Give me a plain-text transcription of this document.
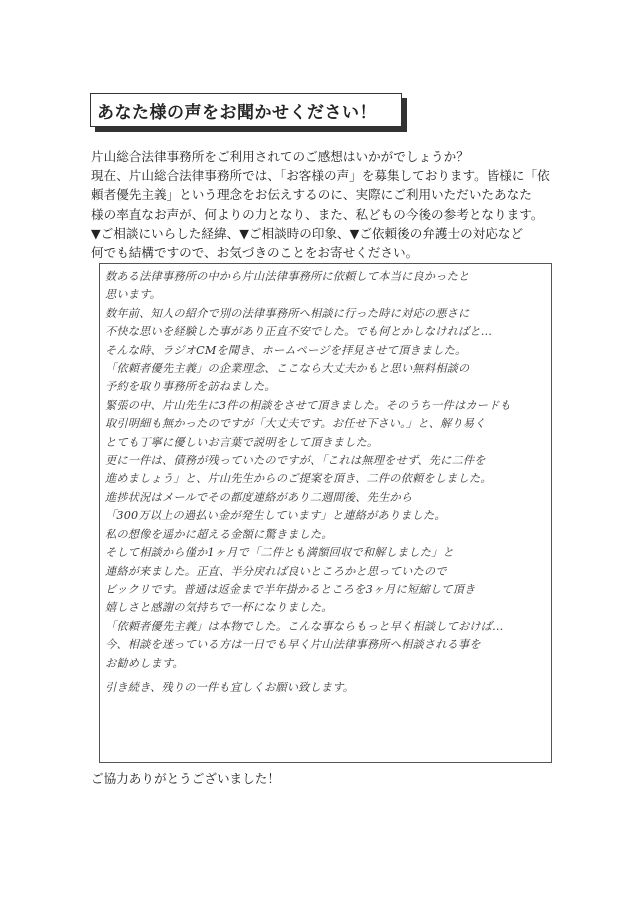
あなた様の声をお聞かせください！

片山総合法律事務所をご利用されてのご感想はいかがでしょうか？

現在、片山総合法律事務所では、「お客様の声」を募集しております。皆様に「依

頼者優先主義」という理念をお伝えするのに、実際にご利用いただいたあなた

様の率直なお声が、何よりの力となり、また、私どもの今後の参考となります。

▼ご相談にいらした経緯、▼ご相談時の印象、▼ご依頼後の弁護士の対応など

何でも結構ですので、お気づきのことをお寄せください。

数ある法律事務所の中から片山法律事務所に依頼して本当に良かったと
思います。
数年前、知人の紹介で別の法律事務所へ相談に行った時に対応の悪さに
不快な思いを経験した事があり正直不安でした。でも何とかしなければと…
そんな時、ラジオCMを聞き、ホームページを拝見させて頂きました。
「依頼者優先主義」の企業理念、ここなら大丈夫かもと思い無料相談の
予約を取り事務所を訪ねました。
緊張の中、片山先生に3件の相談をさせて頂きました。そのうち一件はカードも
取引明細も無かったのですが「大丈夫です。お任せ下さい。」と、解り易く
とても丁寧に優しいお言葉で説明をして頂きました。
更に一件は、債務が残っていたのですが、「これは無理をせず、先に二件を
進めましょう」と、片山先生からのご提案を頂き、二件の依頼をしました。
進捗状況はメールでその都度連絡があり二週間後、先生から
「300万以上の過払い金が発生しています」と連絡がありました。
私の想像を遥かに超える金額に驚きました。
そして相談から僅か1ヶ月で「二件とも満額回収で和解しました」と
連絡が来ました。正直、半分戻れば良いところかと思っていたので
ビックリです。普通は返金まで半年掛かるところを3ヶ月に短縮して頂き
嬉しさと感謝の気持ちで一杯になりました。
「依頼者優先主義」は本物でした。こんな事ならもっと早く相談しておけば…
今、相談を迷っている方は一日でも早く片山法律事務所へ相談される事を
お勧めします。
引き続き、残りの一件も宜しくお願い致します。
ご協力ありがとうございました！
